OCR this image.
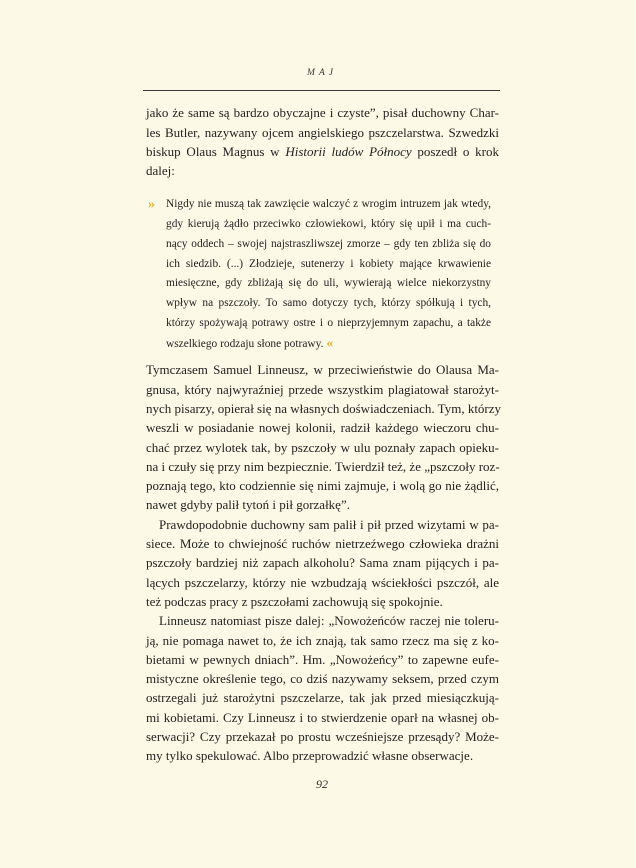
MAJ
jako że same są bardzo obyczajne i czyste”, pisał duchowny Char-
les Butler, nazywany ojcem angielskiego pszczelarstwa. Szwedzki
biskup Olaus Magnus w Historii ludów Północy poszedł o krok
dalej:
» Nigdy nie muszą tak zawzięcie walczyć z wrogim intruzem jak wtedy,
gdy kierują żądło przeciwko człowiekowi, który się upił i ma cuch-
nący oddech – swojej najstraszliwszej zmorze – gdy ten zbliża się do
ich siedzib. (...) Złodzieje, sutenerzy i kobiety mające krwawienie
miesięczne, gdy zbliżają się do uli, wywierają wielce niekorzystny
wpływ na pszczoły. To samo dotyczy tych, którzy spółkują i tych,
którzy spożywają potrawy ostre i o nieprzyjemnym zapachu, a także
wszelkiego rodzaju słone potrawy. «
Tymczasem Samuel Linneusz, w przeciwieństwie do Olausa Ma-
gnusa, który najwyraźniej przede wszystkim plagiatował starożyt-
nych pisarzy, opierał się na własnych doświadczeniach. Tym, którzy
weszli w posiadanie nowej kolonii, radził każdego wieczoru chu-
chać przez wylotek tak, by pszczoły w ulu poznały zapach opieku-
na i czuły się przy nim bezpiecznie. Twierdził też, że „pszczoły roz-
poznają tego, kto codziennie się nimi zajmuje, i wolą go nie żądlić,
nawet gdyby palił tytoń i pił gorzałkę”.
Prawdopodobnie duchowny sam palił i pił przed wizytami w pa-
siece. Może to chwiejność ruchów nietrzeźwego człowieka drażni
pszczoły bardziej niż zapach alkoholu? Sama znam pijących i pa-
lących pszczelarzy, którzy nie wzbudzają wściekłości pszczół, ale
też podczas pracy z pszczołami zachowują się spokojnie.
Linneusz natomiast pisze dalej: „Nowożeńców raczej nie toleru-
ją, nie pomaga nawet to, że ich znają, tak samo rzecz ma się z ko-
bietami w pewnych dniach”. Hm. „Nowożeńcy” to zapewne eufe-
mistyczne określenie tego, co dziś nazywamy seksem, przed czym
ostrzegali już starożytni pszczelarze, tak jak przed miesiączkują-
mi kobietami. Czy Linneusz i to stwierdzenie oparł na własnej ob-
serwacji? Czy przekazał po prostu wcześniejsze przesądy? Może-
my tylko spekulować. Albo przeprowadzić własne obserwacje.
92
